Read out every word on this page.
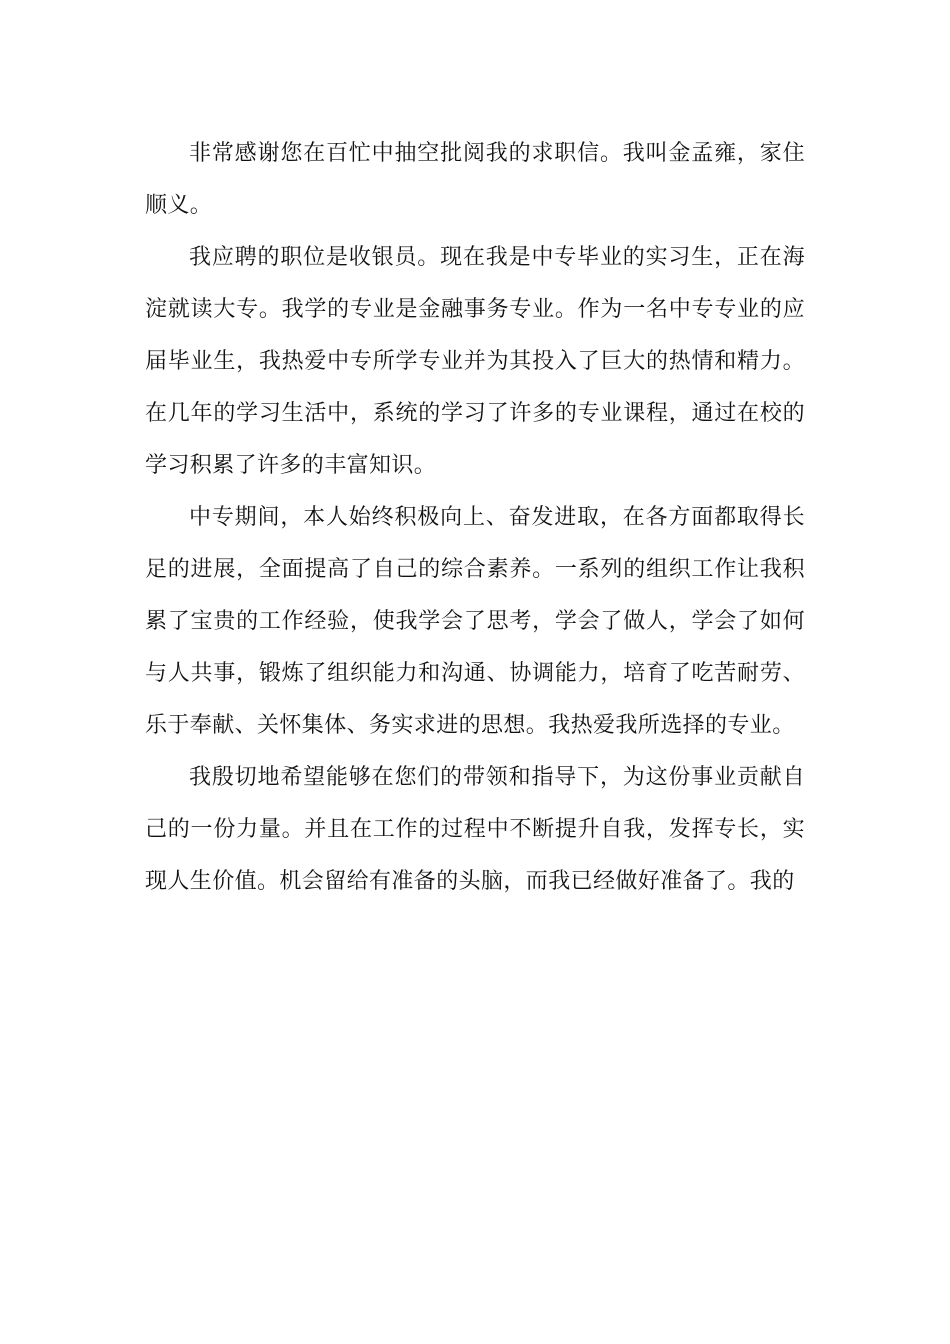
非常感谢您在百忙中抽空批阅我的求职信。我叫金孟雍，家住顺义。

我应聘的职位是收银员。现在我是中专毕业的实习生，正在海淀就读大专。我学的专业是金融事务专业。作为一名中专专业的应届毕业生，我热爱中专所学专业并为其投入了巨大的热情和精力。在几年的学习生活中，系统的学习了许多的专业课程，通过在校的学习积累了许多的丰富知识。

中专期间，本人始终积极向上、奋发进取，在各方面都取得长足的进展，全面提高了自己的综合素养。一系列的组织工作让我积累了宝贵的工作经验，使我学会了思考，学会了做人，学会了如何与人共事，锻炼了组织能力和沟通、协调能力，培育了吃苦耐劳、乐于奉献、关怀集体、务实求进的思想。我热爱我所选择的专业。

我殷切地希望能够在您们的带领和指导下，为这份事业贡献自己的一份力量。并且在工作的过程中不断提升自我，发挥专长，实现人生价值。机会留给有准备的头脑，而我已经做好准备了。我的
